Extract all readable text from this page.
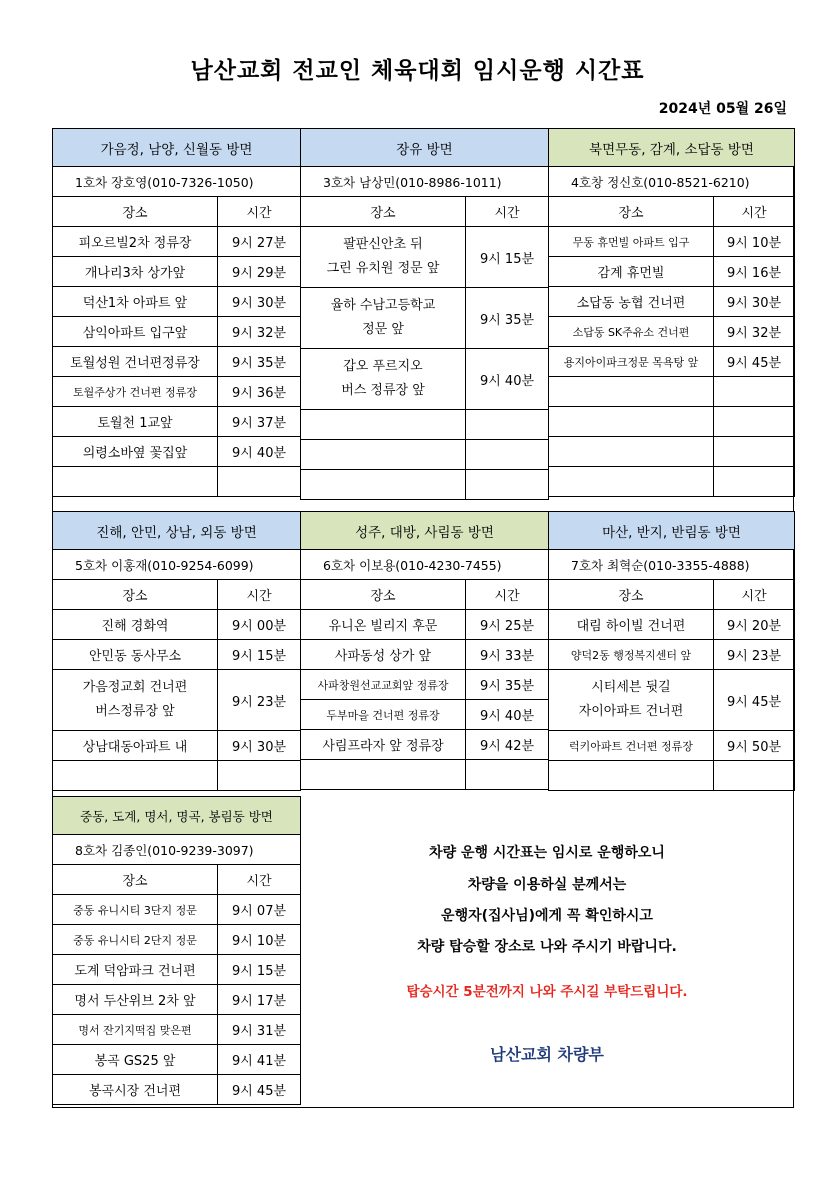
남산교회 전교인 체육대회 임시운행 시간표
2024년 05월 26일
가음정, 남양, 신월동 방면	
1호차 장호영(010-7326-1050)	
장소	시간
피오르빌2차 정류장	9시 27분
개나리3차 상가앞	9시 29분
덕산1차 아파트 앞	9시 30분
삼익아파트 입구앞	9시 32분
토월성원 건너편정류장	9시 35분
토월주상가 건너편 정류장	9시 36분
토월천 1교앞	9시 37분
의령소바옆 꽃집앞	9시 40분

장유 방면	
3호차 남상민(010-8986-1011)	
장소	시간
팔판신안초 뒤
그린 유치원 정문 앞	9시 15분

율하 수남고등학교
정문 앞	9시 35분

갑오 푸르지오
버스 정류장 앞	9시 40분

북면무동, 감계, 소답동 방면	
4호창 정신호(010-8521-6210)	
장소	시간
무동 휴먼빌 아파트 입구	9시 10분
감계 휴먼빌	9시 16분
소답동 농협 건너편	9시 30분
소답동 SK주유소 건너편	9시 32분
용지아이파크정문 목욕탕 앞	9시 45분

진해, 안민, 상남, 외동 방면	
5호차 이홍재(010-9254-6099)	
장소	시간
진해 경화역	9시 00분
안민동 동사무소	9시 15분
가음정교회 건너편
버스정류장 앞	9시 23분

상남대동아파트 내	9시 30분

성주, 대방, 사림동 방면	
6호차 이보용(010-4230-7455)	
장소	시간
유니온 빌리지 후문	9시 25분
사파동성 상가 앞	9시 33분
사파창원선교교회앞 정류장	9시 35분
두부마을 건너편 정류장	9시 40분
사림프라자 앞 정류장	9시 42분

마산, 반지, 반림동 방면	
7호차 최혁순(010-3355-4888)	
장소	시간
대림 하이빌 건너편	9시 20분
양덕2동 행정복지센터 앞	9시 23분
시티세븐 뒷길
자이아파트 건너편	9시 45분

럭키아파트 건너편 정류장	9시 50분

중동, 도계, 명서, 명곡, 봉림동 방면	
8호차 김종인(010-9239-3097)	
장소	시간
중동 유니시티 3단지 정문	9시 07분
중동 유니시티 2단지 정문	9시 10분
도계 덕암파크 건너편	9시 15분
명서 두산위브 2차 앞	9시 17분
명서 잔기지떡집 맞은편	9시 31분
봉곡 GS25 앞	9시 41분
봉곡시장 건너편	9시 45분
차량 운행 시간표는 임시로 운행하오니
차량을 이용하실 분께서는
운행자(집사님)에게 꼭 확인하시고
차량 탑승할 장소로 나와 주시기 바랍니다.
탑승시간 5분전까지 나와 주시길 부탁드립니다.
남산교회 차량부
